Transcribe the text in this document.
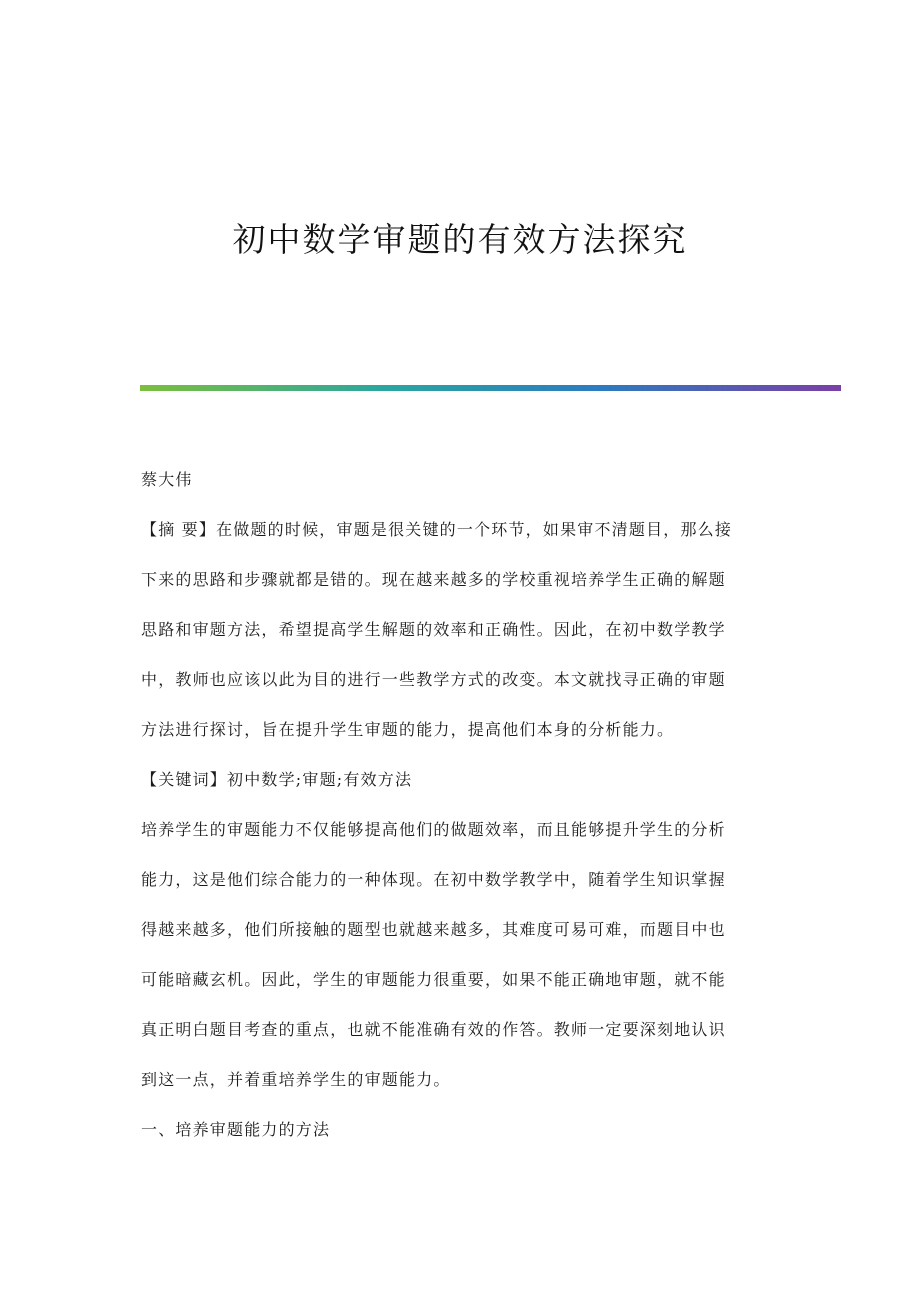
初中数学审题的有效方法探究
蔡大伟
【摘 要】在做题的时候，审题是很关键的一个环节，如果审不清题目，那么接
下来的思路和步骤就都是错的。现在越来越多的学校重视培养学生正确的解题
思路和审题方法，希望提高学生解题的效率和正确性。因此，在初中数学教学
中，教师也应该以此为目的进行一些教学方式的改变。本文就找寻正确的审题
方法进行探讨，旨在提升学生审题的能力，提高他们本身的分析能力。
【关键词】初中数学;审题;有效方法
培养学生的审题能力不仅能够提高他们的做题效率，而且能够提升学生的分析
能力，这是他们综合能力的一种体现。在初中数学教学中，随着学生知识掌握
得越来越多，他们所接触的题型也就越来越多，其难度可易可难，而题目中也
可能暗藏玄机。因此，学生的审题能力很重要，如果不能正确地审题，就不能
真正明白题目考查的重点，也就不能准确有效的作答。教师一定要深刻地认识
到这一点，并着重培养学生的审题能力。
一、培养审题能力的方法
